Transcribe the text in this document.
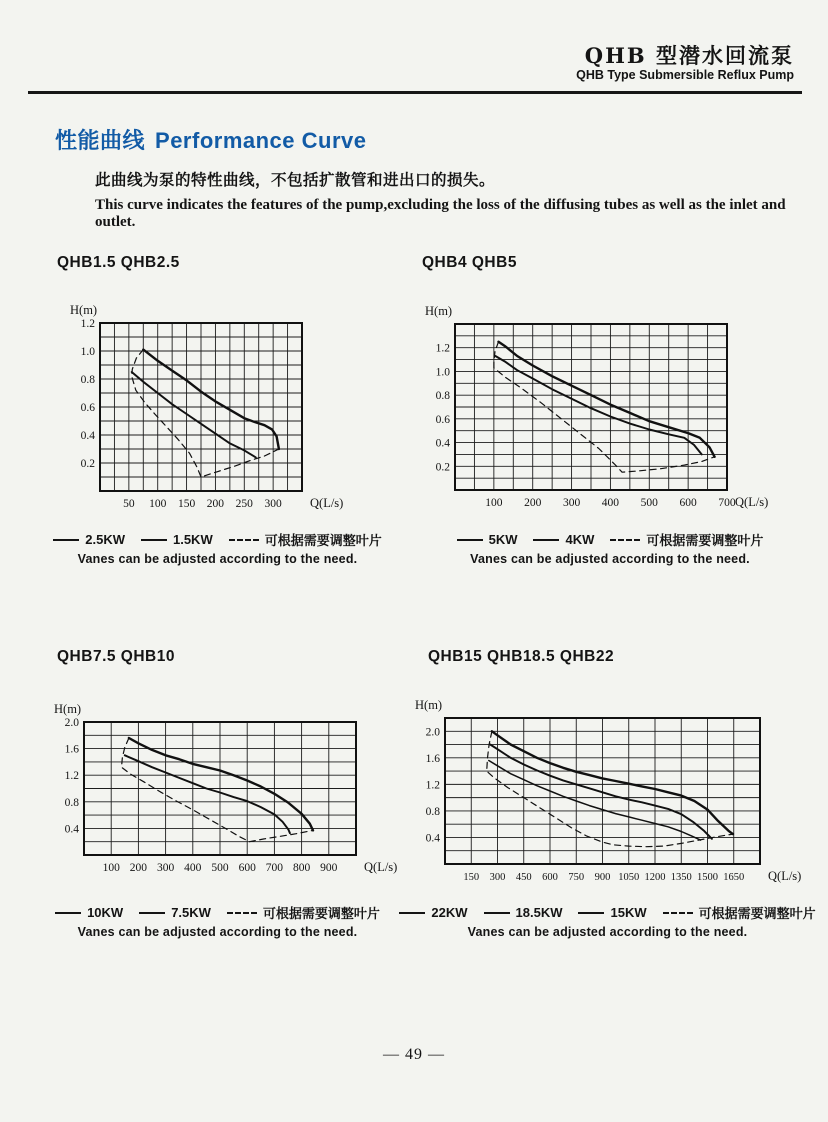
QHB 型潜水回流泵
QHB Type Submersible Reflux Pump
性能曲线 Performance Curve
此曲线为泵的特性曲线，不包括扩散管和进出口的损失。
This curve indicates the features of the pump,excluding the loss of the diffusing tubes as well as the inlet and outlet.
QHB1.5 QHB2.5
50 100 150 200 250 300
0.2
0.4
0.6
0.8
1.0
1.2
H(m)
Q(L/s)
2.5KW	1.5KW	可根据需要调整叶片
Vanes can be adjusted according to the need.
QHB4 QHB5
100 200 300 400 500 600 700
0.2
0.4
0.6
0.8
1.0
1.2
H(m)
Q(L/s)
5KW	4KW	可根据需要调整叶片
Vanes can be adjusted according to the need.
QHB7.5 QHB10
100 200 300 400 500 600 700 800 900
0.4
0.8
1.2
1.6
2.0
H(m)
Q(L/s)
10KW	7.5KW	可根据需要调整叶片
Vanes can be adjusted according to the need.
QHB15 QHB18.5 QHB22
150 300 450 600 750 900 1050 1200 1350 1500 1650
0.4
0.8
1.2
1.6
2.0
H(m)
Q(L/s)
22KW	18.5KW	15KW	可根据需要调整叶片
Vanes can be adjusted according to the need.
— 49 —
